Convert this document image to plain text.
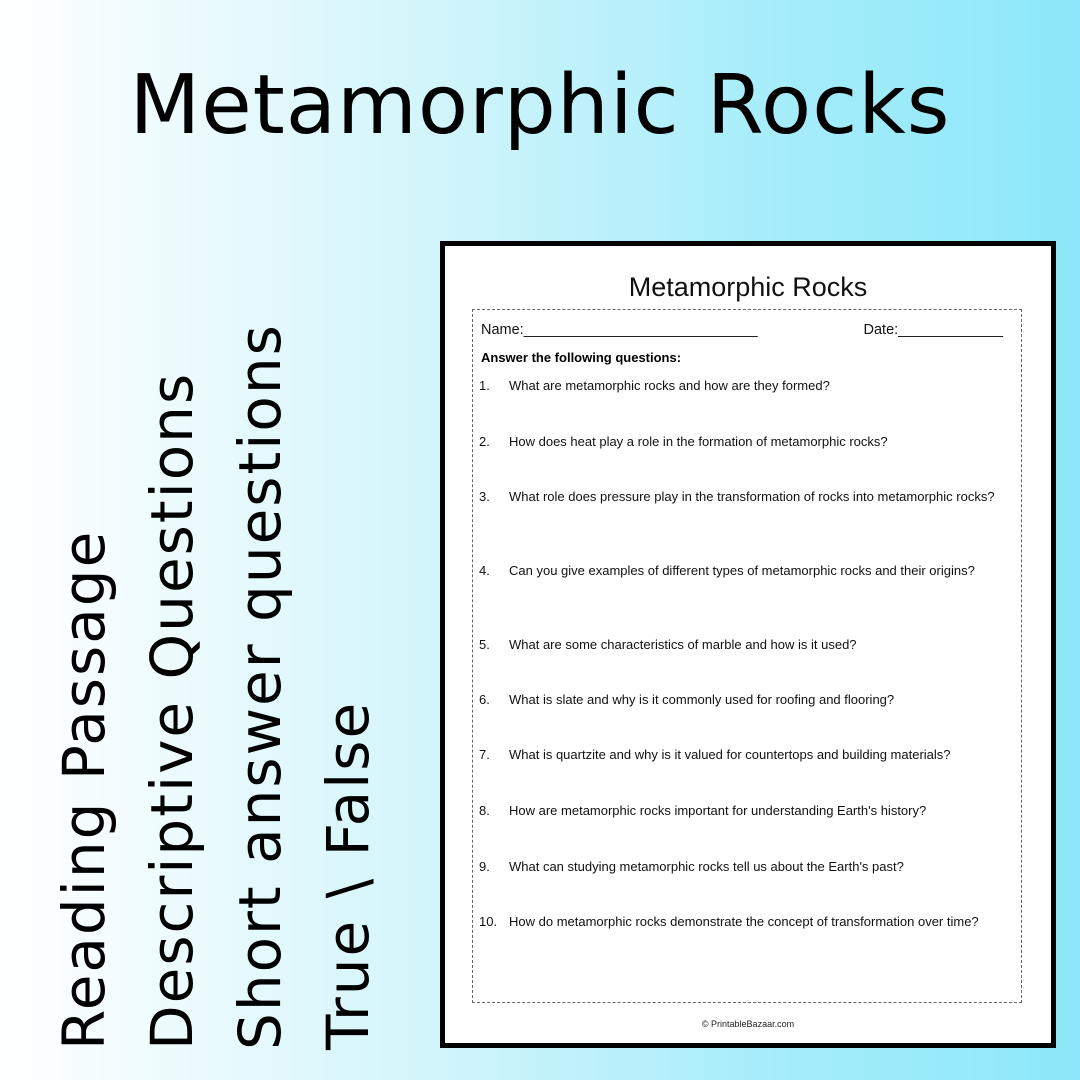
Metamorphic Rocks
Reading Passage Descriptive Questions Short answer questions True \ False
Metamorphic Rocks
Name:_____________________________	Date:_____________
Answer the following questions:
1.	What are metamorphic rocks and how are they formed?
2.	How does heat play a role in the formation of metamorphic rocks?
3.	What role does pressure play in the transformation of rocks into metamorphic rocks?
4.	Can you give examples of different types of metamorphic rocks and their origins?
5.	What are some characteristics of marble and how is it used?
6.	What is slate and why is it commonly used for roofing and flooring?
7.	What is quartzite and why is it valued for countertops and building materials?
8.	How are metamorphic rocks important for understanding Earth's history?
9.	What can studying metamorphic rocks tell us about the Earth's past?
10. How do metamorphic rocks demonstrate the concept of transformation over time?
© PrintableBazaar.com
